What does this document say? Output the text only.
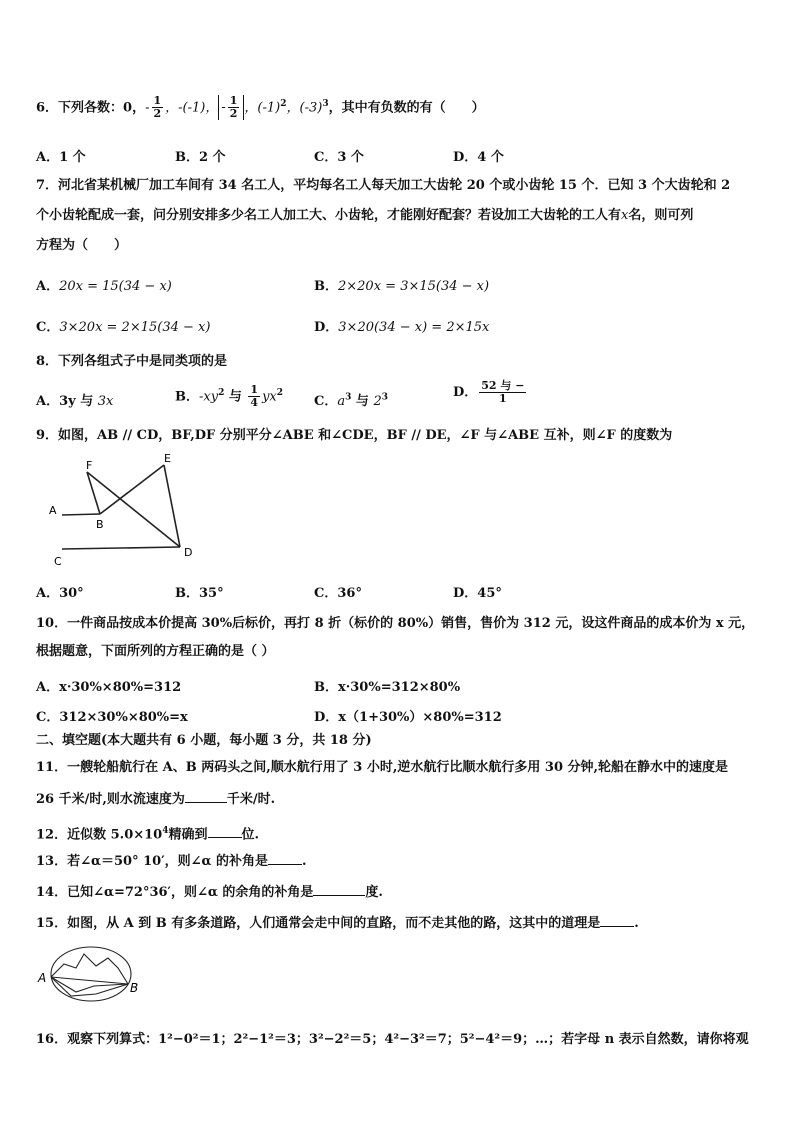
6．下列各数：0，- $\frac{1}{2}$ ，-(-1)， - $\frac{1}{2}$ ，$(-1)^2$，$(-3)^3$，其中有负数的有（　　）
A．1 个	B．2 个	C．3 个	D．4 个
7．河北省某机械厂加工车间有 34 名工人，平均每名工人每天加工大齿轮 20 个或小齿轮 15 个．已知 3 个大齿轮和 2
个小齿轮配成一套，问分别安排多少名工人加工大、小齿轮，才能刚好配套？若设加工大齿轮的工人有x名，则可列
方程为（　　）
A．20x = 15(34 − x)	B．2×20x = 3×15(34 − x)
C．3×20x = 2×15(34 − x)	D．3×20(34 − x) = 2×15x
8．下列各组式子中是同类项的是
A．3y 与 3x	B．$-xy^2$ 与 $\frac{1}{4} yx^2$
C．$a^3$ 与 $2^3$	D． $\frac{\text{52 与 −}}{1}$
9．如图，AB // CD，BF,DF 分别平分∠ABE 和∠CDE，BF // DE，∠F 与∠ABE 互补，则∠F 的度数为
F
E
A
B
C
D
A．30°	B．35°	C．36°	D．45°
10．一件商品按成本价提高 30%后标价，再打 8 折（标价的 80%）销售，售价为 312 元，设这件商品的成本价为 x 元，
根据题意，下面所列的方程正确的是（ ）
A．x·30%×80%=312	B．x·30%=312×80%
C．312×30%×80%=x	D．x（1+30%）×80%=312
二、填空题(本大题共有 6 小题，每小题 3 分，共 18 分)
11．一艘轮船航行在 A、B 两码头之间,顺水航行用了 3 小时,逆水航行比顺水航行多用 30 分钟,轮船在静水中的速度是
26 千米/时,则水流速度为	千米/时.
12．近似数 $5.0\times 10^4$精确到	位.
13．若∠α＝50° 10′，则∠α 的补角是	.
14．已知∠α=72°36′，则∠α 的余角的补角是	度.
15．如图，从 A 到 B 有多条道路，人们通常会走中间的直路，而不走其他的路，这其中的道理是	.
A
B
16．观察下列算式：1²−0²＝1；2²−1²＝3；3²−2²＝5；4²−3²＝7；5²−4²＝9；…；若字母 n 表示自然数，请你将观
